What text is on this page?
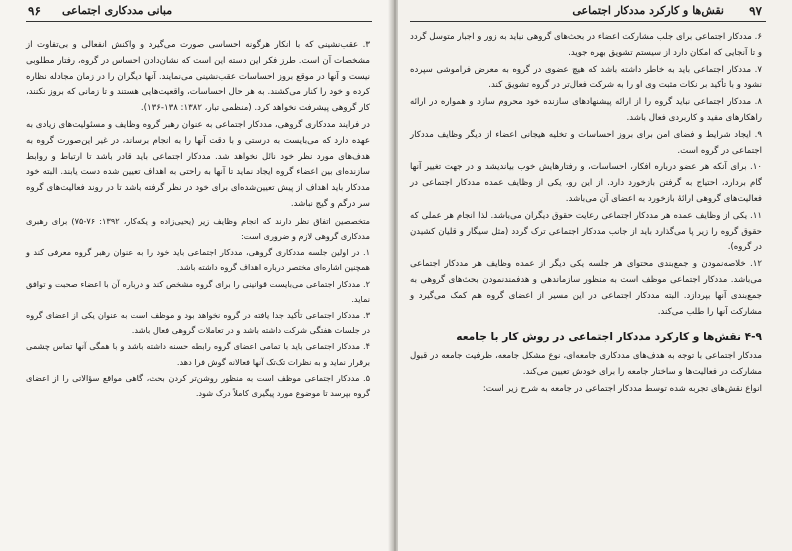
۹۶ مبانی مددکاری اجتماعی

۳. عقب‌نشینی که با انکار هرگونه احساسی صورت می‌گیرد و واکنش انفعالی و بی‌تفاوت از مشخصات آن است. طرز فکر این دسته این است که نشان‌دادن احساس در گروه، رفتار مطلوبی نیست و آنها در موقع بروز احساسات عقب‌نشینی می‌نمایند. آنها دیگران را در زمان مجادله نظاره کرده و خود را کنار می‌کشند. به هر حال احساسات، واقعیت‌هایی هستند و تا زمانی که بروز نکنند، کار گروهی پیشرفت نخواهد کرد. (منظمی تبار، ۱۳۸۲: ۱۳۸-۱۳۶).

در فرایند مددکاری گروهی، مددکار اجتماعی به عنوان رهبر گروه وظایف و مسئولیت‌های زیادی به عهده دارد که می‌بایست به درستی و با دقت آنها را به انجام برساند، در غیر این‌صورت گروه به هدف‌های مورد نظر خود نائل نخواهد شد. مددکار اجتماعی باید قادر باشد تا ارتباط و روابط سازنده‌ای بین اعضاء گروه ایجاد نماید تا آنها به راحتی به اهداف تعیین شده دست یابند. البته خود مددکار باید اهداف از پیش تعیین‌شده‌ای برای خود در نظر گرفته باشد تا در روند فعالیت‌های گروه سر درگم و گیج نباشد.

متخصصین اتفاق نظر دارند که انجام وظایف زیر (یحیی‌زاده و یکه‌کار، ۱۳۹۲: ۷۶-۷۵) برای رهبری مددکاری گروهی لازم و ضروری است:

۱. در اولین جلسه مددکاری گروهی، مددکار اجتماعی باید خود را به عنوان رهبر گروه معرفی کند و همچنین اشاره‌ای مختصر درباره اهداف گروه داشته باشد.

۲. مددکار اجتماعی می‌بایست قوانینی را برای گروه مشخص کند و درباره آن با اعضاء صحبت و توافق نماید.

۳. مددکار اجتماعی تأکید جدا یافته در گروه نخواهد بود و موظف است به عنوان یکی از اعضای گروه در جلسات هفتگی شرکت داشته باشد و در تعاملات گروهی فعال باشد.

۴. مددکار اجتماعی باید با تمامی اعضای گروه رابطه حسنه داشته باشد و با همگی آنها تماس چشمی برقرار نماید و به نظرات تک‌تک آنها فعالانه گوش فرا دهد.

۵. مددکار اجتماعی موظف است به منظور روشن‌تر کردن بحث، گاهی مواقع سؤالاتی را از اعضای گروه بپرسد تا موضوع مورد پیگیری کاملاً درک شود.

۹۷
نقش‌ها و کارکرد مددکار اجتماعی

۶. مددکار اجتماعی برای جلب مشارکت اعضاء در بحث‌های گروهی نباید به زور و اجبار متوسل گردد و تا آنجایی که امکان دارد از سیستم تشویق بهره جوید.

۷. مددکار اجتماعی باید به خاطر داشته باشد که هیچ عضوی در گروه به معرض فراموشی سپرده نشود و با تأکید بر نکات مثبت وی او را به شرکت فعال‌تر در گروه تشویق کند.

۸. مددکار اجتماعی نباید گروه را از ارائه پیشنهادهای سازنده خود محروم سازد و همواره در ارائه راهکارهای مفید و کاربردی فعال باشد.

۹. ایجاد شرایط و فضای امن برای بروز احساسات و تخلیه هیجانی اعضاء از دیگر وظایف مددکار اجتماعی در گروه است.

۱۰. برای آنکه هر عضو درباره افکار، احساسات، و رفتارهایش خوب بیاندیشد و در جهت تغییر آنها گام بردارد، احتیاج به گرفتن بازخورد دارد. از این رو، یکی از وظایف عمده مددکار اجتماعی در فعالیت‌های گروهی ارائهٔ بازخورد به اعضای آن می‌باشد.

۱۱. یکی از وظایف عمده هر مددکار اجتماعی رعایت حقوق دیگران می‌باشد. لذا انجام هر عملی که حقوق گروه را زیر پا می‌گذارد باید از جانب مددکار اجتماعی ترک گردد (مثل سیگار و قلیان کشیدن در گروه).

۱۲. خلاصه‌نمودن و جمع‌بندی محتوای هر جلسه یکی دیگر از عمده وظایف هر مددکار اجتماعی می‌باشد. مددکار اجتماعی موظف است به منظور سازماندهی و هدفمندنمودن بحث‌های گروهی به جمع‌بندی آنها بپردازد. البته مددکار اجتماعی در این مسیر از اعضای گروه هم کمک می‌گیرد و مشارکت آنها را طلب می‌کند.

۴-۹ نقش‌ها و کارکرد مددکار اجتماعی در روش کار با جامعه

مددکار اجتماعی با توجه به هدف‌های مددکاری جامعه‌ای، نوع مشکل جامعه، ظرفیت جامعه در قبول مشارکت در فعالیت‌ها و ساختار جامعه را برای خودش تعیین می‌کند.

انواع نقش‌های تجربه شده توسط مددکار اجتماعی در جامعه به شرح زیر است:
